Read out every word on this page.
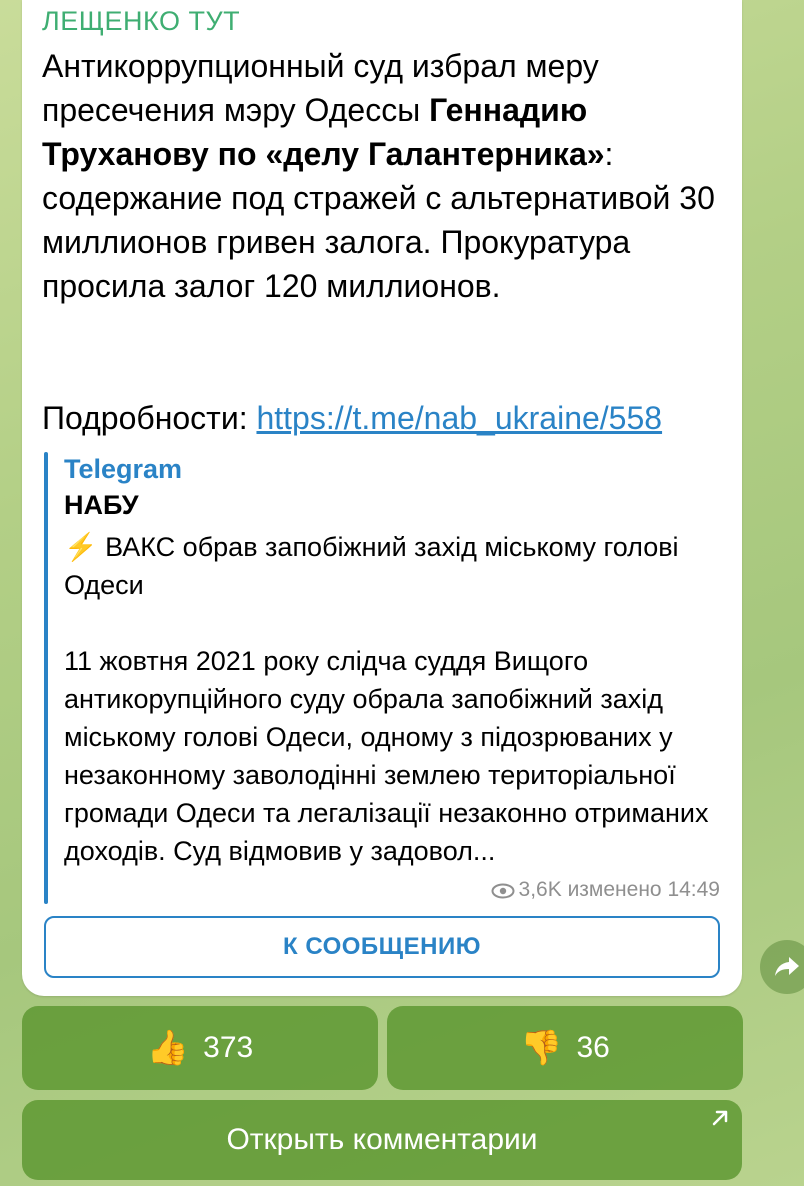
ЛЕЩЕНКО ТУТ
Антикоррупционный суд избрал меру пресечения мэру Одессы Геннадию Труханову по «делу Галантерника»: содержание под стражей с альтернативой 30 миллионов гривен залога. Прокуратура просила залог 120 миллионов.
Подробности: https://t.me/nab_ukraine/558
Telegram
НАБУ
⚡ ВАКС обрав запобіжний захід міському голові Одеси

11 жовтня 2021 року слідча суддя Вищого антикорупційного суду обрала запобіжний захід міському голові Одеси, одному з підозрюваних у незаконному заволодінні землею територіальної громади Одеси та легалізації незаконно отриманих доходів. Суд відмовив у задовол...
3,6K изменено 14:49
К СООБЩЕНИЮ
👍 373	👎 36
Открыть комментарии
